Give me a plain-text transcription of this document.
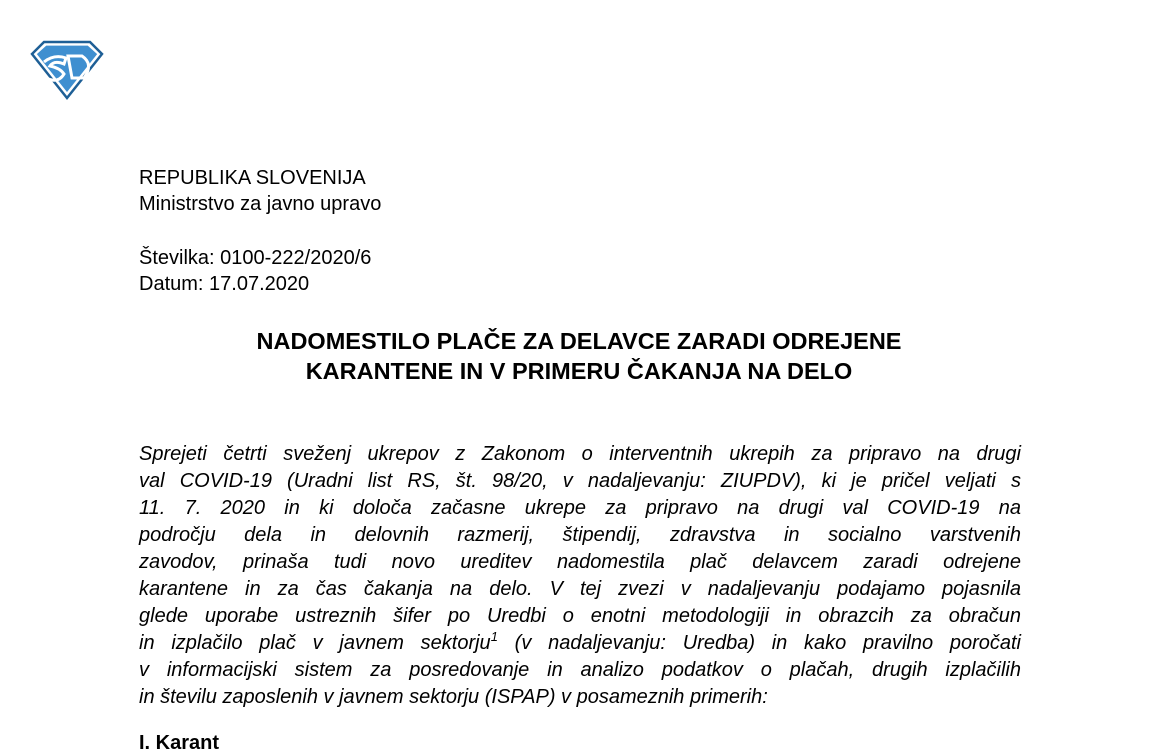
REPUBLIKA SLOVENIJA
Ministrstvo za javno upravo
Številka: 0100-222/2020/6
Datum: 17.07.2020
NADOMESTILO PLAČE ZA DELAVCE ZARADI ODREJENE
KARANTENE IN V PRIMERU ČAKANJA NA DELO
Sprejeti četrti sveženj ukrepov z Zakonom o interventnih ukrepih za pripravo na drugi
val COVID-19 (Uradni list RS, št. 98/20, v nadaljevanju: ZIUPDV), ki je pričel veljati s
11. 7. 2020 in ki določa začasne ukrepe za pripravo na drugi val COVID-19 na
področju dela in delovnih razmerij, štipendij, zdravstva in socialno varstvenih
zavodov, prinaša tudi novo ureditev nadomestila plač delavcem zaradi odrejene
karantene in za čas čakanja na delo. V tej zvezi v nadaljevanju podajamo pojasnila
glede uporabe ustreznih šifer po Uredbi o enotni metodologiji in obrazcih za obračun
in izplačilo plač v javnem sektorju$^1$ (v nadaljevanju: Uredba) in kako pravilno poročati
v informacijski sistem za posredovanje in analizo podatkov o plačah, drugih izplačilih
in številu zaposlenih v javnem sektorju (ISPAP) v posameznih primerih:
I. Karant
